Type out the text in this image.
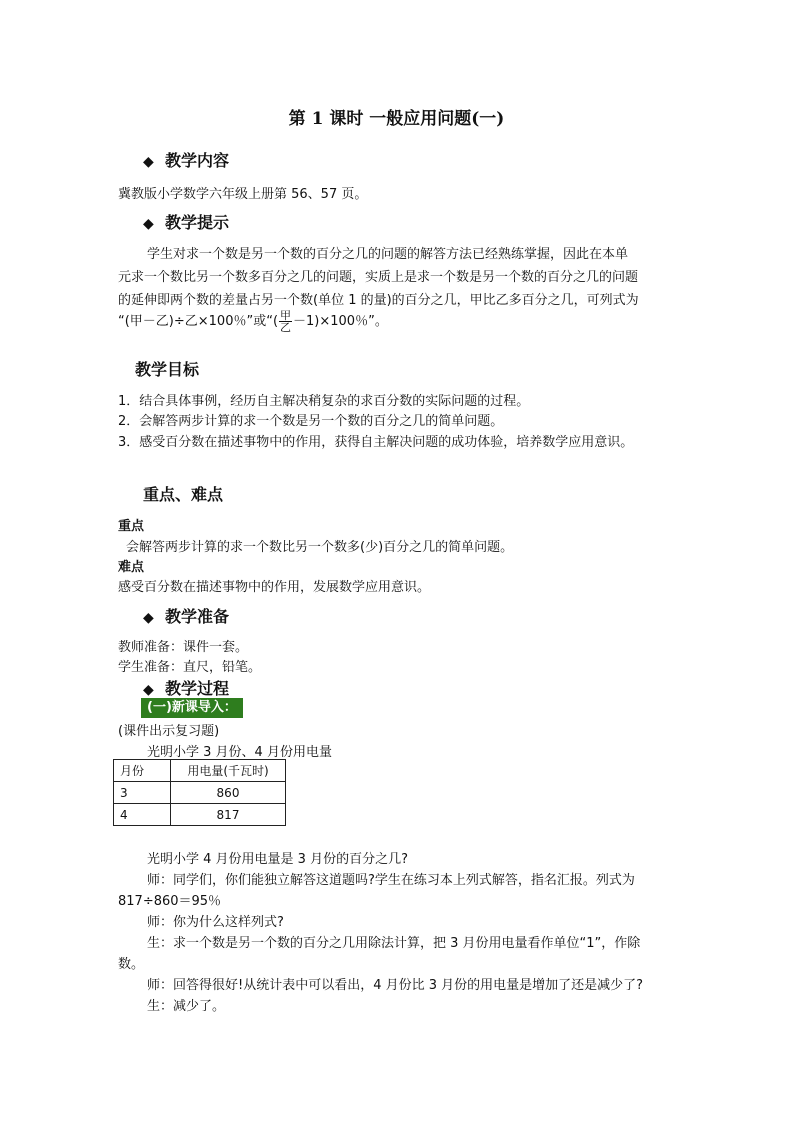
第 1 课时 一般应用问题(一)
◆ 教学内容
冀教版小学数学六年级上册第 56、57 页。
◆ 教学提示
学生对求一个数是另一个数的百分之几的问题的解答方法已经熟练掌握，因此在本单
元求一个数比另一个数多百分之几的问题，实质上是求一个数是另一个数的百分之几的问题
的延伸即两个数的差量占另一个数(单位 1 的量)的百分之几，甲比乙多百分之几，可列式为
“(甲－乙)÷乙×100％”或“( $\frac{\text{甲}}{\text{乙}} -1)\times 100$％”。
教学目标
1．结合具体事例，经历自主解决稍复杂的求百分数的实际问题的过程。
2．会解答两步计算的求一个数是另一个数的百分之几的简单问题。
3．感受百分数在描述事物中的作用，获得自主解决问题的成功体验，培养数学应用意识。
重点、难点
重点
会解答两步计算的求一个数比另一个数多(少)百分之几的简单问题。
难点
感受百分数在描述事物中的作用，发展数学应用意识。
◆ 教学准备
教师准备：课件一套。
学生准备：直尺，铅笔。
◆ 教学过程
(一)新课导入：
(课件出示复习题)
光明小学 3 月份、4 月份用电量
月份	用电量(千瓦时)
3	860
4	817
光明小学 4 月份用电量是 3 月份的百分之几?
师：同学们，你们能独立解答这道题吗?学生在练习本上列式解答，指名汇报。列式为
817÷860＝95％
师：你为什么这样列式?
生：求一个数是另一个数的百分之几用除法计算，把 3 月份用电量看作单位“1”，作除
数。
师：回答得很好!从统计表中可以看出，4 月份比 3 月份的用电量是增加了还是减少了?
生：减少了。
